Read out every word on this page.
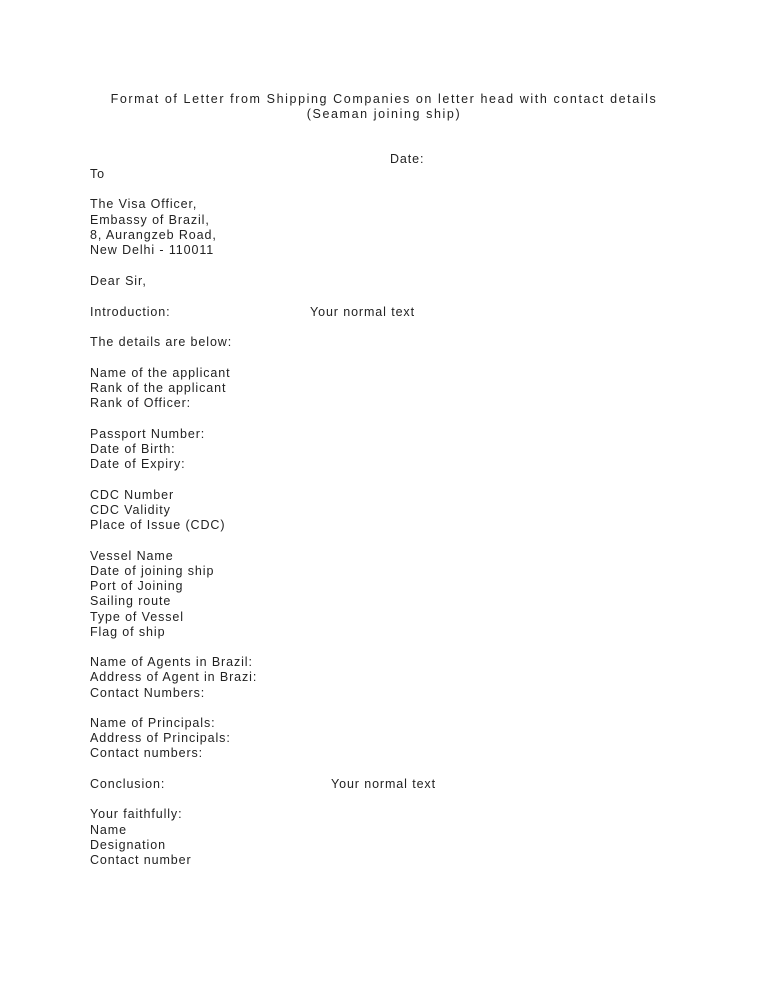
Format of Letter from Shipping Companies on letter head with contact details
(Seaman joining ship)
Date:
To
The Visa Officer,
Embassy of Brazil,
8, Aurangzeb Road,
New Delhi - 110011
Dear Sir,
Introduction:	Your normal text
The details are below:
Name of the applicant
Rank of the applicant
Rank of Officer:
Passport Number:
Date of Birth:
Date of Expiry:
CDC Number
CDC Validity
Place of Issue (CDC)
Vessel Name
Date of joining ship
Port of Joining
Sailing route
Type of Vessel
Flag of ship
Name of Agents in Brazil:
Address of Agent in Brazi:
Contact Numbers:
Name of Principals:
Address of Principals:
Contact numbers:
Conclusion:	Your normal text
Your faithfully:
Name
Designation
Contact number
